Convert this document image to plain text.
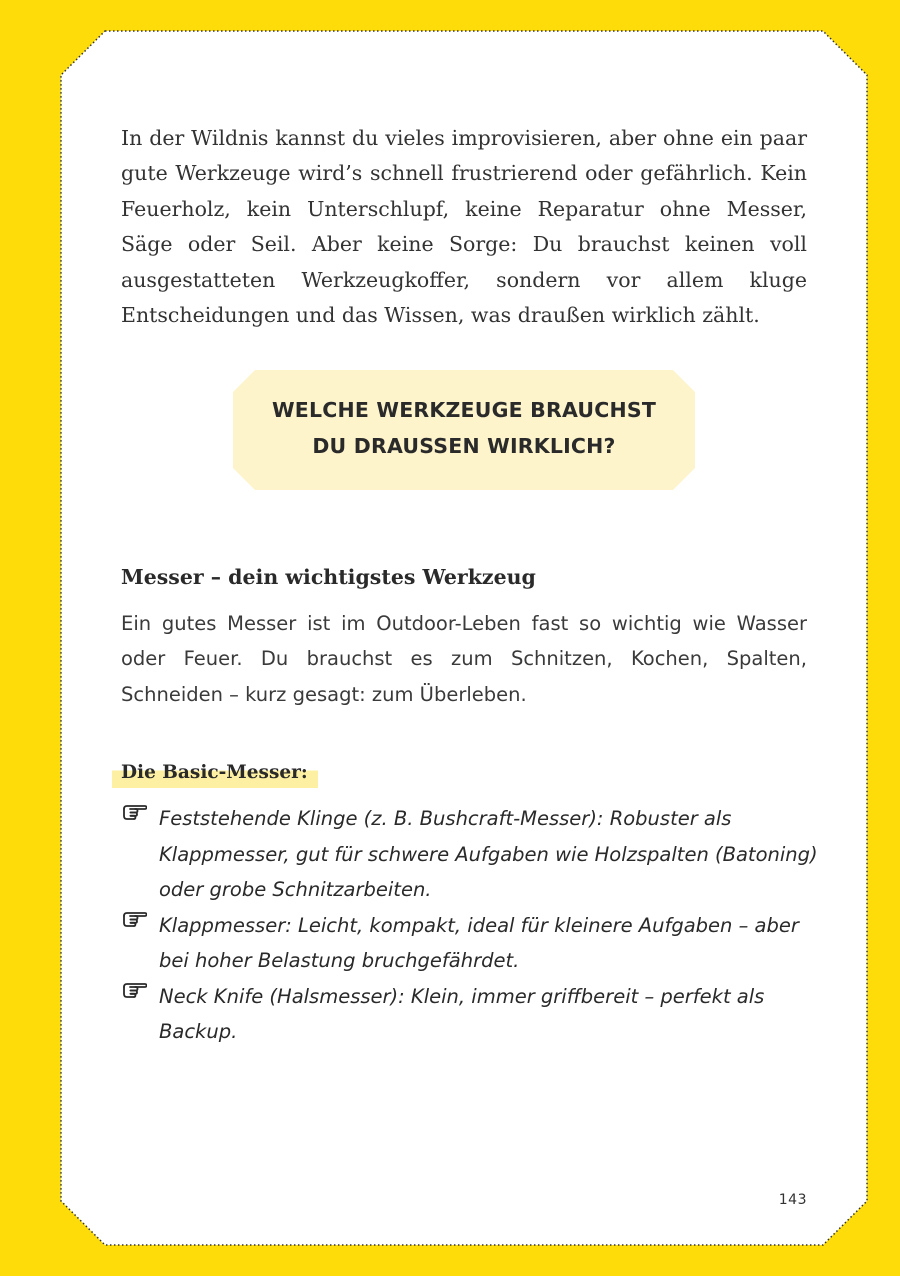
In der Wildnis kannst du vieles improvisieren, aber ohne ein paar gute Werkzeuge wird’s schnell frustrierend oder gefährlich. Kein Feuerholz, kein Unterschlupf, keine Reparatur ohne Messer, Säge oder Seil. Aber keine Sorge: Du brauchst keinen voll ausgestatteten Werkzeugkoffer, sondern vor allem kluge Entscheidungen und das Wissen, was draußen wirklich zählt.

WELCHE WERKZEUGE BRAUCHST
DU DRAUSSEN WIRKLICH?
Messer – dein wichtigstes Werkzeug

Ein gutes Messer ist im Outdoor-Leben fast so wichtig wie Wasser oder Feuer. Du brauchst es zum Schnitzen, Kochen, Spalten, Schneiden – kurz gesagt: zum Überleben.

Die Basic-Messer:
Feststehende Klinge (z. B. Bushcraft-Messer): Robuster als Klappmesser, gut für schwere Aufgaben wie Holzspalten (Batoning) oder grobe Schnitzarbeiten.
Klappmesser: Leicht, kompakt, ideal für kleinere Aufgaben – aber bei hoher Belastung bruchgefährdet.
Neck Knife (Halsmesser): Klein, immer griffbereit – perfekt als Backup.
143
